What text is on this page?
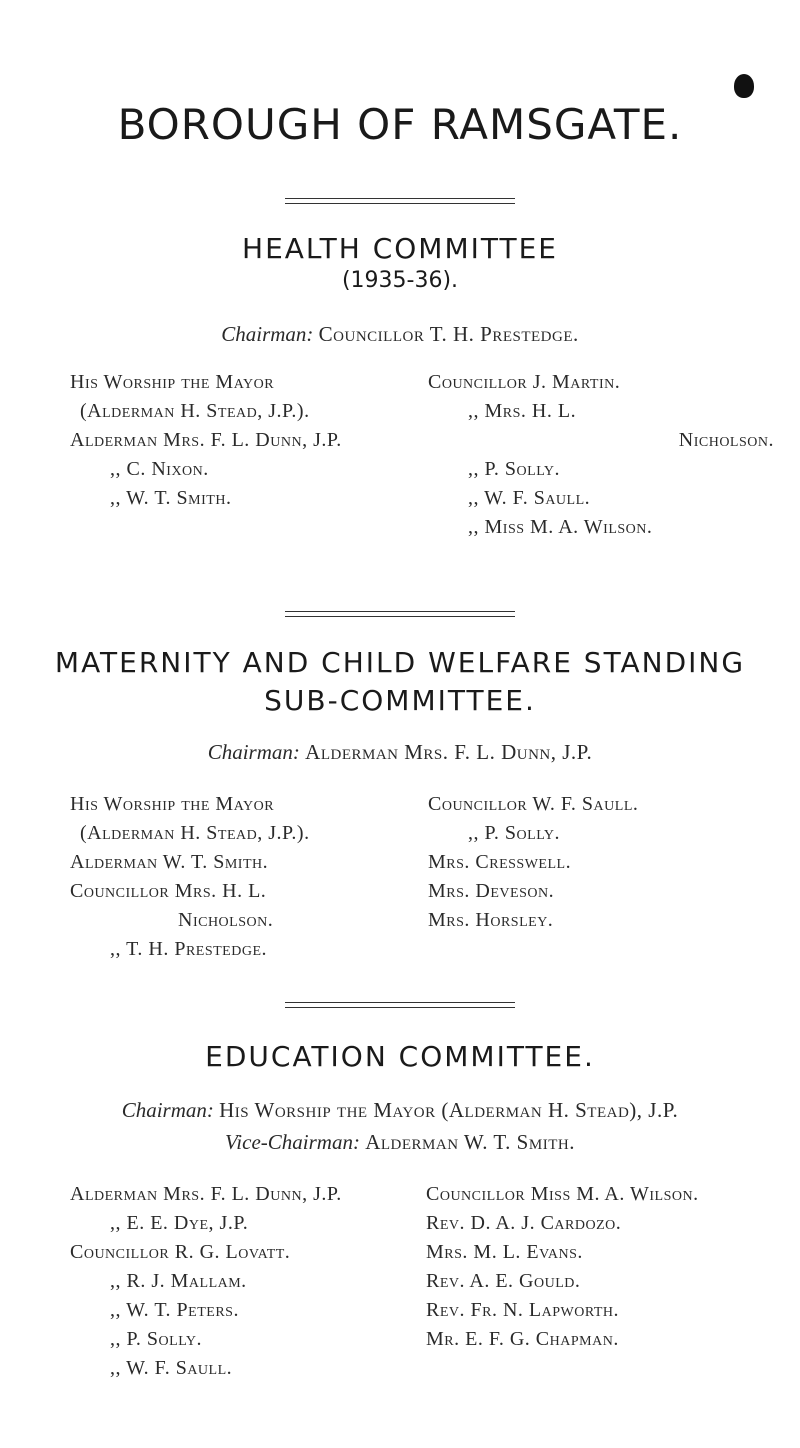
BOROUGH OF RAMSGATE.
HEALTH COMMITTEE
(1935-36).
Chairman: Councillor T. H. Prestedge.
His Worship the Mayor
(Alderman H. Stead, J.P.).
Alderman Mrs. F. L. Dunn, J.P.
,, C. Nixon.
,, W. T. Smith.
Councillor J. Martin.
,, Mrs. H. L.
Nicholson.
,, P. Solly.
,, W. F. Saull.
,, Miss M. A. Wilson.
MATERNITY AND CHILD WELFARE STANDING
SUB-COMMITTEE.
Chairman: Alderman Mrs. F. L. Dunn, J.P.
His Worship the Mayor
(Alderman H. Stead, J.P.).
Alderman W. T. Smith.
Councillor Mrs. H. L.
Nicholson.
,, T. H. Prestedge.
Councillor W. F. Saull.
,, P. Solly.
Mrs. Cresswell.
Mrs. Deveson.
Mrs. Horsley.
EDUCATION COMMITTEE.
Chairman: His Worship the Mayor (Alderman H. Stead), J.P.
Vice-Chairman: Alderman W. T. Smith.
Alderman Mrs. F. L. Dunn, J.P.
,, E. E. Dye, J.P.
Councillor R. G. Lovatt.
,, R. J. Mallam.
,, W. T. Peters.
,, P. Solly.
,, W. F. Saull.
Councillor Miss M. A. Wilson.
Rev. D. A. J. Cardozo.
Mrs. M. L. Evans.
Rev. A. E. Gould.
Rev. Fr. N. Lapworth.
Mr. E. F. G. Chapman.
